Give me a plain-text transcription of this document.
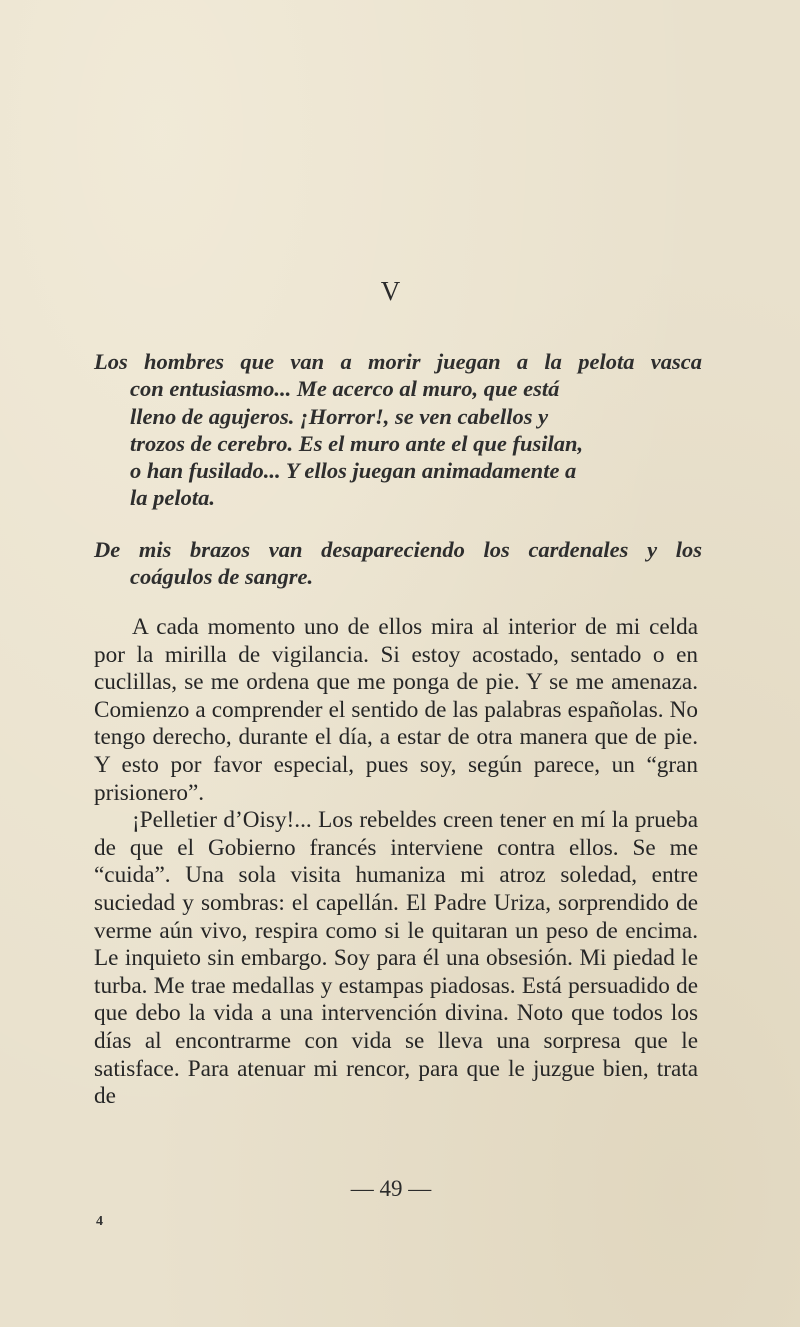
V
Los hombres que van a morir juegan a la pelota vasca
con entusiasmo... Me acerco al muro, que está
lleno de agujeros. ¡Horror!, se ven cabellos y
trozos de cerebro. Es el muro ante el que fusilan,
o han fusilado... Y ellos juegan animadamente a
la pelota.
De mis brazos van desapareciendo los cardenales y los
coágulos de sangre.

A cada momento uno de ellos mira al interior de mi celda por la mirilla de vigilancia. Si estoy acostado, sentado o en cuclillas, se me ordena que me ponga de pie. Y se me amenaza. Comienzo a comprender el sentido de las palabras españolas. No tengo derecho, durante el día, a estar de otra manera que de pie. Y esto por favor especial, pues soy, según parece, un “gran prisionero”.

¡Pelletier d’Oisy!... Los rebeldes creen tener en mí la prueba de que el Gobierno francés interviene contra ellos. Se me “cuida”. Una sola visita humaniza mi atroz soledad, entre suciedad y sombras: el capellán. El Padre Uriza, sorprendido de verme aún vivo, respira como si le quitaran un peso de encima. Le inquieto sin embargo. Soy para él una obsesión. Mi piedad le turba. Me trae medallas y estampas piadosas. Está persuadido de que debo la vida a una intervención divina. Noto que todos los días al encontrarme con vida se lleva una sorpresa que le satisface. Para atenuar mi rencor, para que le juzgue bien, trata de

— 49 —
4
